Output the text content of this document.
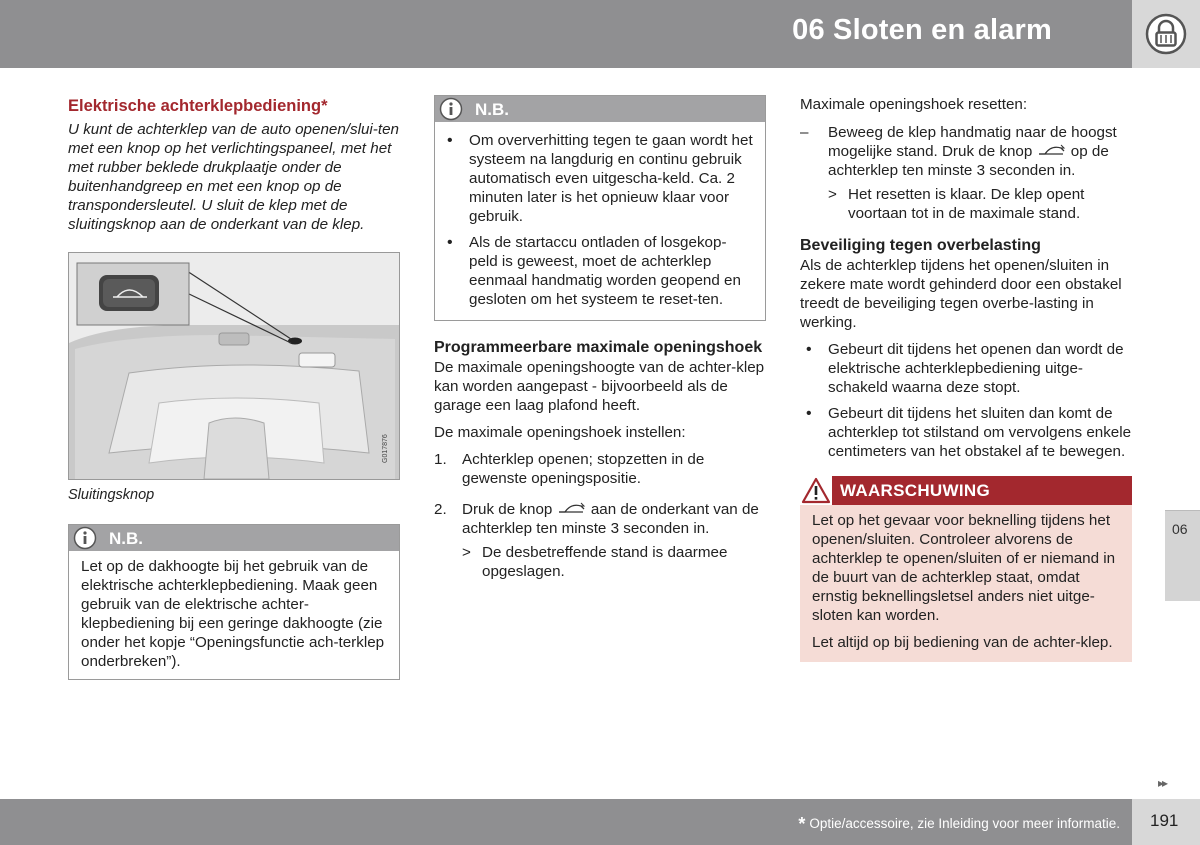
06 Sloten en alarm
Elektrische achterklepbediening*

U kunt de achterklep van de auto openen/slui-ten met een knop op het verlichtingspaneel, met het met rubber beklede drukplaatje onder de buitenhandgreep en met een knop op de transpondersleutel. U sluit de klep met de sluitingsknop aan de onderkant van de klep.

G017876
Sluitingsknop
N.B.
Let op de dakhoogte bij het gebruik van de elektrische achterklepbediening. Maak geen gebruik van de elektrische achter-klepbediening bij een geringe dakhoogte (zie onder het kopje “Openingsfunctie ach-terklep onderbreken”).
N.B.
• Om oververhitting tegen te gaan wordt het systeem na langdurig en continu gebruik automatisch even uitgescha-keld. Ca. 2 minuten later is het opnieuw klaar voor gebruik.
• Als de startaccu ontladen of losgekop-peld is geweest, moet de achterklep eenmaal handmatig worden geopend en gesloten om het systeem te reset-ten.
Programmeerbare maximale openingshoek

De maximale openingshoogte van de achter-klep kan worden aangepast - bijvoorbeeld als de garage een laag plafond heeft.

De maximale openingshoek instellen:

1. Achterklep openen; stopzetten in de gewenste openingspositie.
2. Druk de knop	aan de onderkant van de achterklep ten minste 3 seconden in.
> De desbetreffende stand is daarmee opgeslagen.

Maximale openingshoek resetten:

– Beweeg de klep handmatig naar de hoogst mogelijke stand. Druk de knop	op de achterklep ten minste 3 seconden in.
> Het resetten is klaar. De klep opent voortaan tot in de maximale stand.
Beveiliging tegen overbelasting

Als de achterklep tijdens het openen/sluiten in zekere mate wordt gehinderd door een obstakel treedt de beveiliging tegen overbe-lasting in werking.

• Gebeurt dit tijdens het openen dan wordt de elektrische achterklepbediening uitge-schakeld waarna deze stopt.
• Gebeurt dit tijdens het sluiten dan komt de achterklep tot stilstand om vervolgens enkele centimeters van het obstakel af te bewegen.
WAARSCHUWING

Let op het gevaar voor beknelling tijdens het openen/sluiten. Controleer alvorens de achterklep te openen/sluiten of er niemand in de buurt van de achterklep staat, omdat ernstig beknellingsletsel anders niet uitge-sloten kan worden.

Let altijd op bij bediening van de achter-klep.

06
▸▸
* Optie/accessoire, zie Inleiding voor meer informatie. 191
